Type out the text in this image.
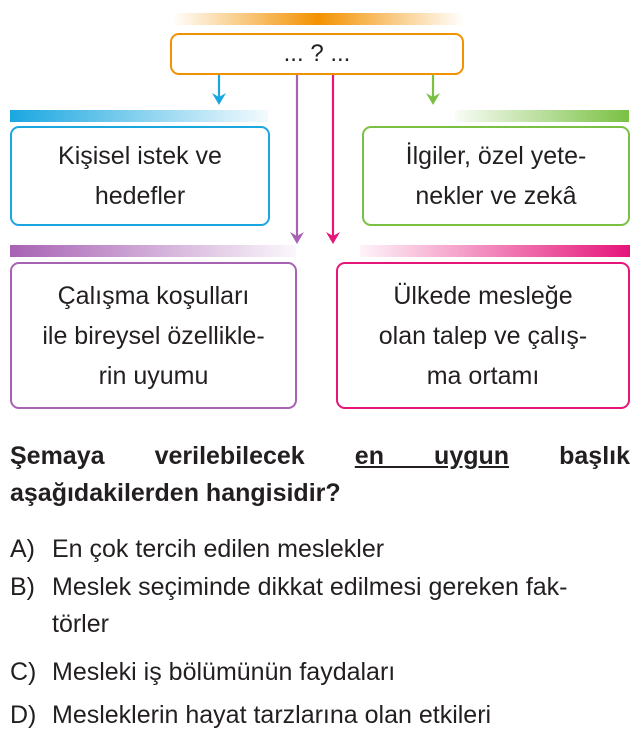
... ? ...
Kişisel istek ve
hedefler
İlgiler, özel yete-
nekler ve zekâ
Çalışma koşulları
ile bireysel özellikle-
rin uyumu
Ülkede mesleğe
olan talep ve çalış-
ma ortamı
Şemaya verilebilecek en uygun başlık aşağıdakilerden hangisidir?
A) En çok tercih edilen meslekler
B) Meslek seçiminde dikkat edilmesi gereken fak-
törler
C) Mesleki iş bölümünün faydaları
D) Mesleklerin hayat tarzlarına olan etkileri
